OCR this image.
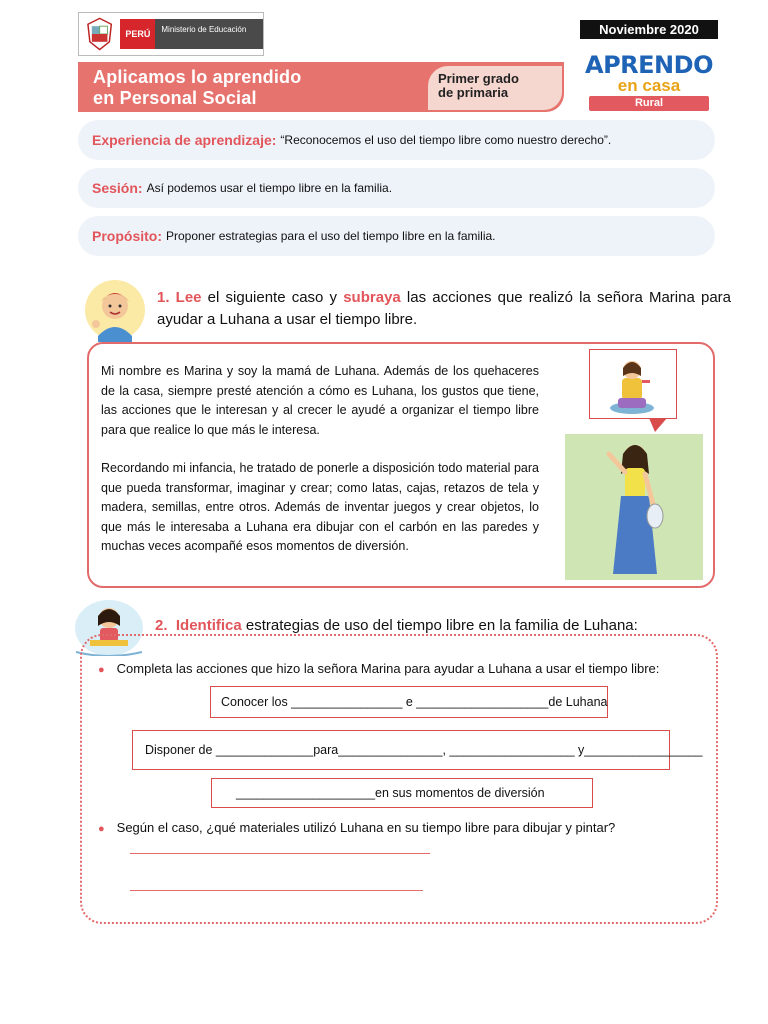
PERÚ	Ministerio de Educación	Noviembre 2020
APRENDO
en casa
Rural
Aplicamos lo aprendido
en Personal Social
Primer grado
de primaria
Experiencia de aprendizaje: “Reconocemos el uso del tiempo libre como nuestro derecho”.
Sesión: Así podemos usar el tiempo libre en la familia.
Propósito: Proponer estrategias para el uso del tiempo libre en la familia.
1. Lee el siguiente caso y subraya las acciones que realizó la señora Marina para ayudar a Luhana a usar el tiempo libre.

Mi nombre es Marina y soy la mamá de Luhana. Además de los quehaceres de la casa, siempre presté atención a cómo es Luhana, los gustos que tiene, las acciones que le interesan y al crecer le ayudé a organizar el tiempo libre para que realice lo que más le interesa.

Recordando mi infancia, he tratado de ponerle a disposición todo material para que pueda transformar, imaginar y crear; como latas, cajas, retazos de tela y madera, semillas, entre otros. Además de inventar juegos y crear objetos, lo que más le interesaba a Luhana era dibujar con el carbón en las paredes y muchas veces acompañé esos momentos de diversión.

2. Identifica estrategias de uso del tiempo libre en la familia de Luhana:
● Completa las acciones que hizo la señora Marina para ayudar a Luhana a usar el tiempo libre:
Conocer los ________________ e ___________________de Luhana
Disponer de ______________para_______________, __________________ y_________________
____________________en sus momentos de diversión
● Según el caso, ¿qué materiales utilizó Luhana en su tiempo libre para dibujar y pintar?
